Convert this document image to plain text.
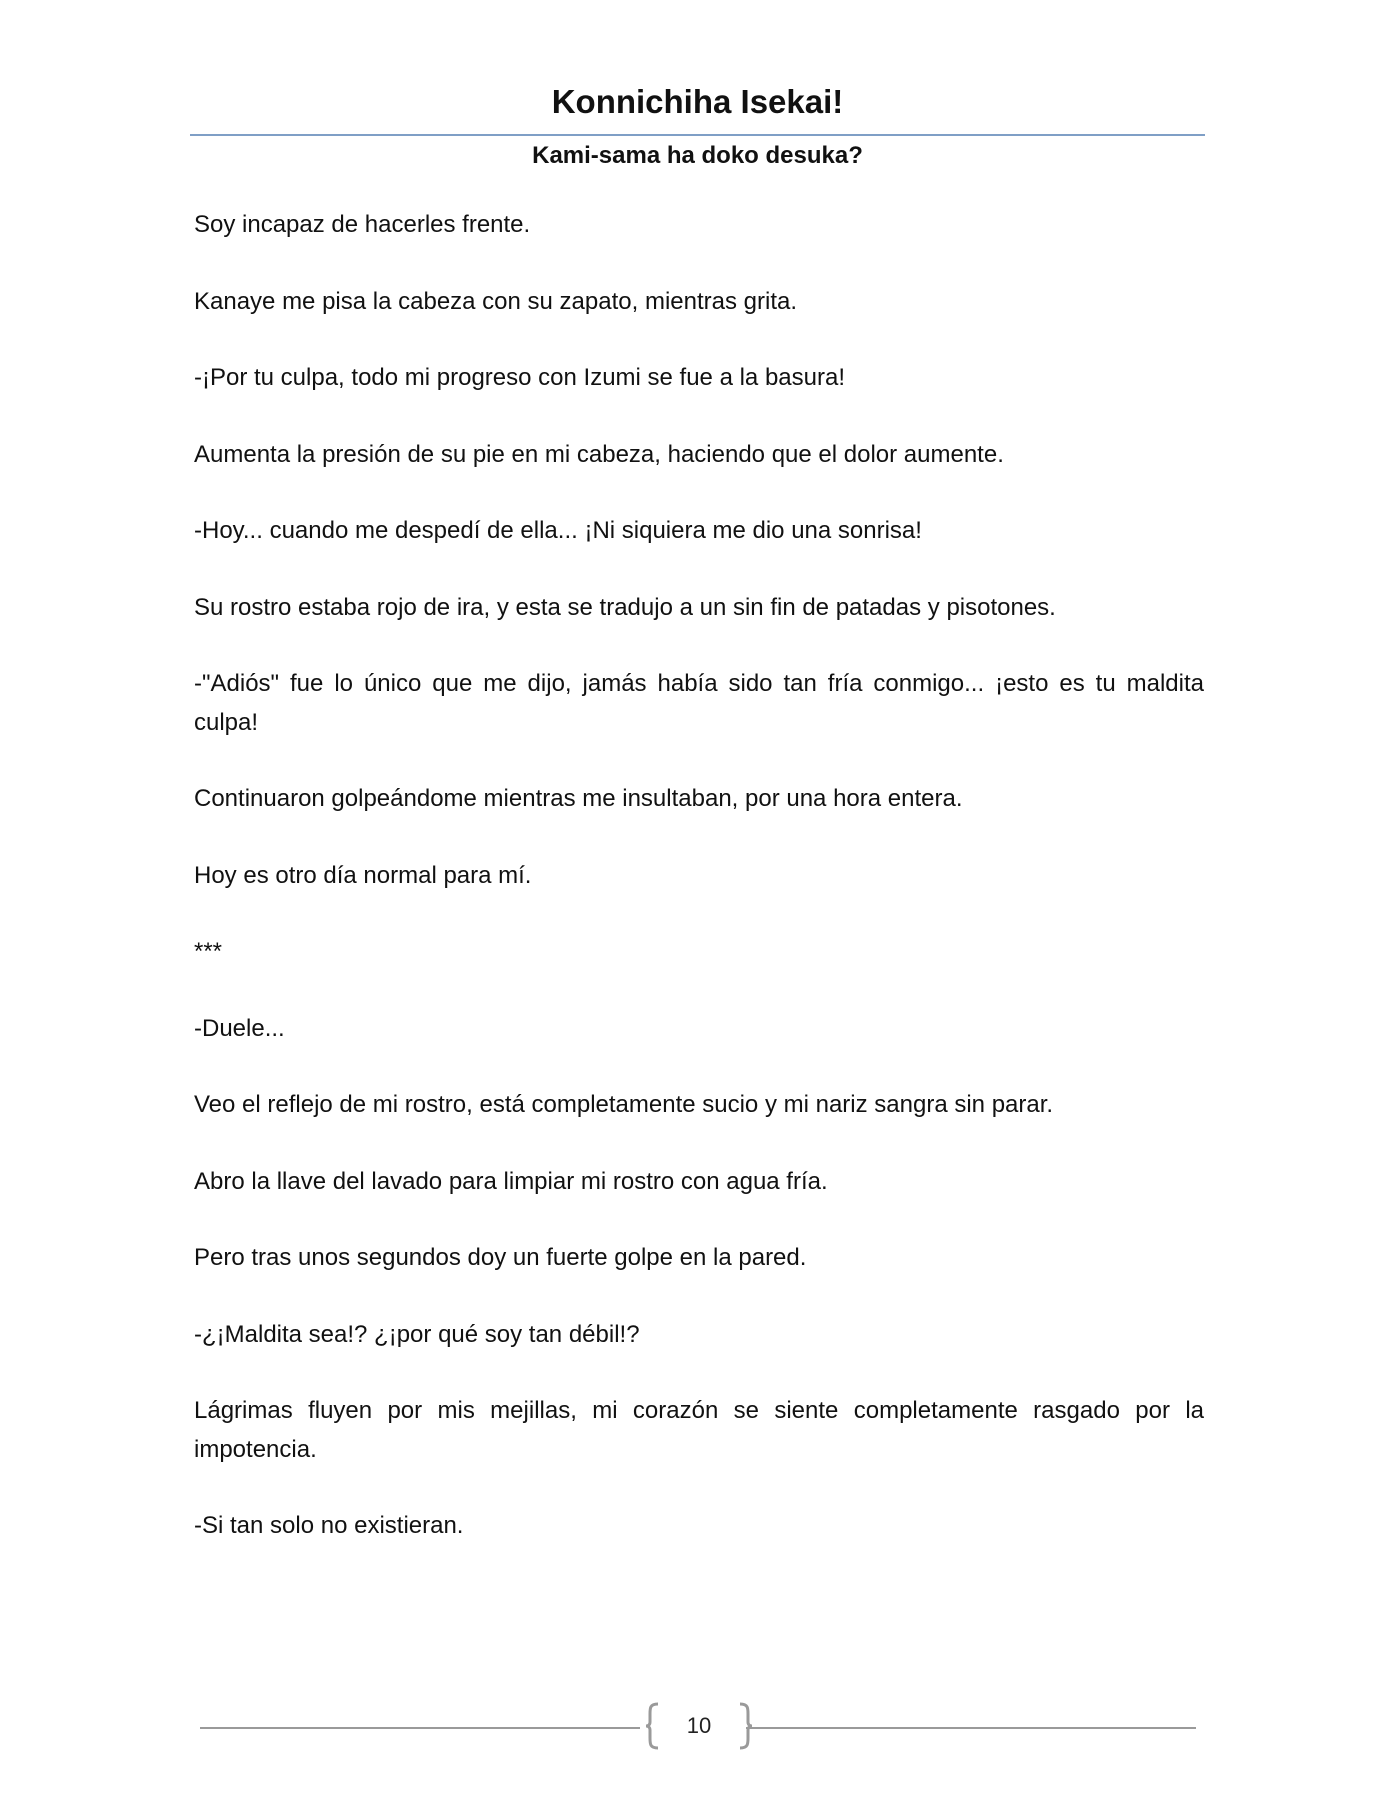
Konnichiha Isekai!
Kami-sama ha doko desuka?

Soy incapaz de hacerles frente.

Kanaye me pisa la cabeza con su zapato, mientras grita.

-¡Por tu culpa, todo mi progreso con Izumi se fue a la basura!

Aumenta la presión de su pie en mi cabeza, haciendo que el dolor aumente.

-Hoy... cuando me despedí de ella... ¡Ni siquiera me dio una sonrisa!

Su rostro estaba rojo de ira, y esta se tradujo a un sin fin de patadas y pisotones.

-"Adiós" fue lo único que me dijo, jamás había sido tan fría conmigo... ¡esto es tu maldita culpa!

Continuaron golpeándome mientras me insultaban, por una hora entera.

Hoy es otro día normal para mí.

***

-Duele...

Veo el reflejo de mi rostro, está completamente sucio y mi nariz sangra sin parar.

Abro la llave del lavado para limpiar mi rostro con agua fría.

Pero tras unos segundos doy un fuerte golpe en la pared.

-¿¡Maldita sea!? ¿¡por qué soy tan débil!?

Lágrimas fluyen por mis mejillas, mi corazón se siente completamente rasgado por la impotencia.

-Si tan solo no existieran.

10
